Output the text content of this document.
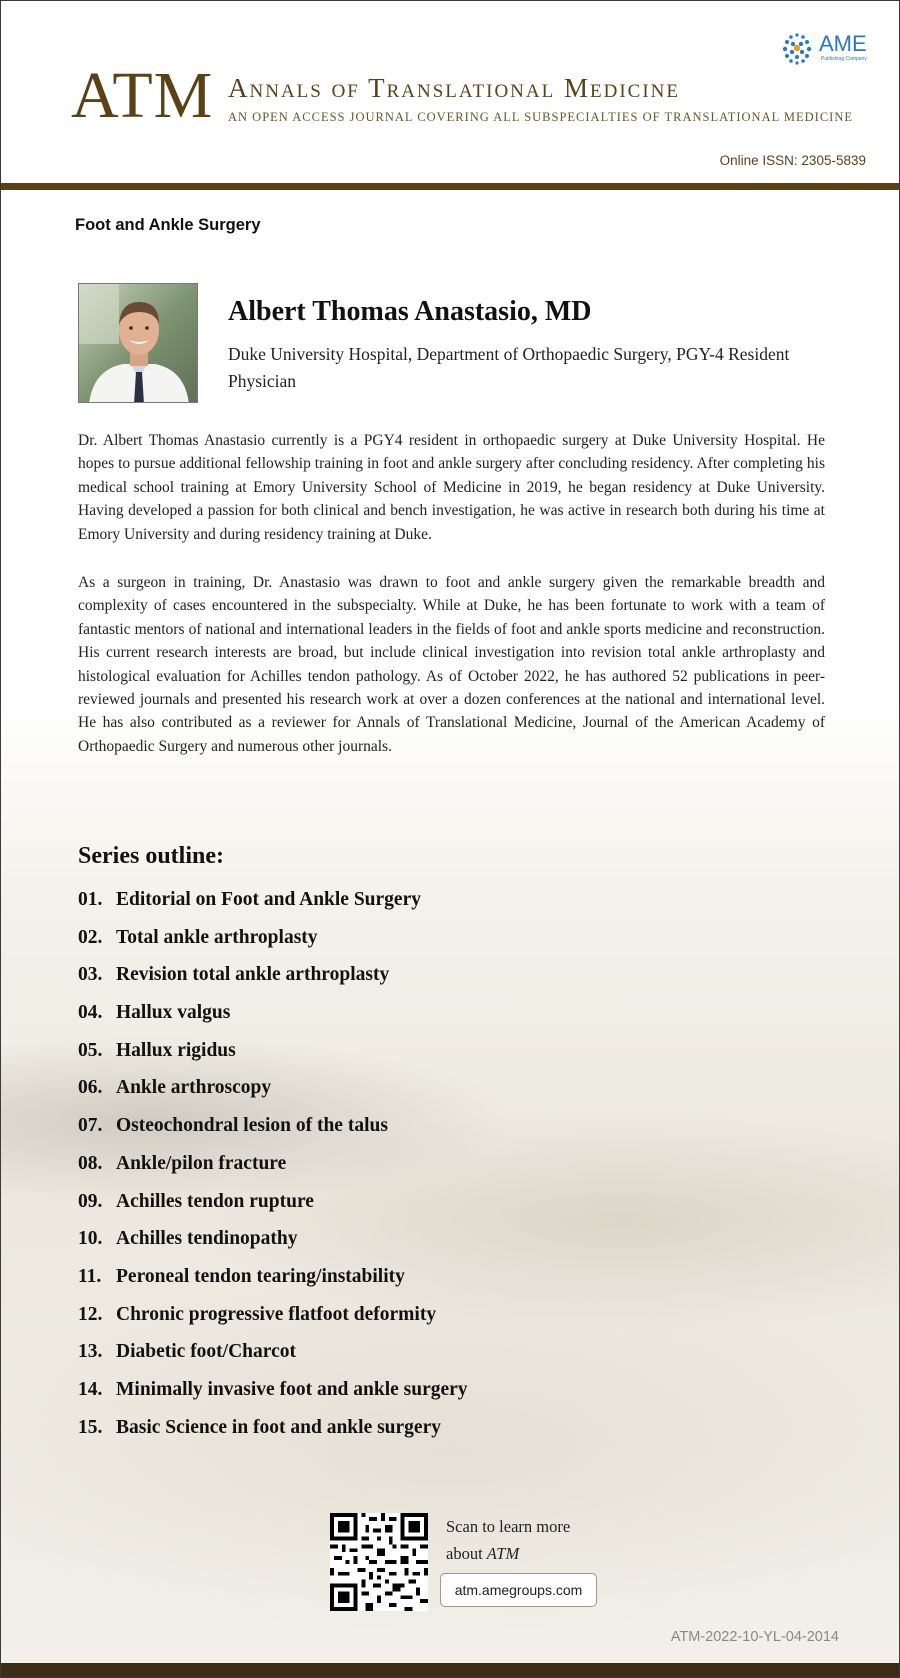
ATM Annals of Translational Medicine
AN OPEN ACCESS JOURNAL COVERING ALL SUBSPECIALTIES OF TRANSLATIONAL MEDICINE
AME
Publishing Company
Online ISSN: 2305-5839
Foot and Ankle Surgery
Albert Thomas Anastasio, MD
Duke University Hospital, Department of Orthopaedic Surgery, PGY-4 Resident Physician

Dr. Albert Thomas Anastasio currently is a PGY4 resident in orthopaedic surgery at Duke University Hospital. He hopes to pursue additional fellowship training in foot and ankle surgery after concluding residency. After completing his medical school training at Emory University School of Medicine in 2019, he began residency at Duke University. Having developed a passion for both clinical and bench investigation, he was active in research both during his time at Emory University and during residency training at Duke.

As a surgeon in training, Dr. Anastasio was drawn to foot and ankle surgery given the remarkable breadth and complexity of cases encountered in the subspecialty. While at Duke, he has been fortunate to work with a team of fantastic mentors of national and international leaders in the fields of foot and ankle sports medicine and reconstruction. His current research interests are broad, but include clinical investigation into revision total ankle arthroplasty and histological evaluation for Achilles tendon pathology. As of October 2022, he has authored 52 publications in peer-reviewed journals and presented his research work at over a dozen conferences at the national and international level. He has also contributed as a reviewer for Annals of Translational Medicine, Journal of the American Academy of Orthopaedic Surgery and numerous other journals.

Series outline:
01. Editorial on Foot and Ankle Surgery
02. Total ankle arthroplasty
03. Revision total ankle arthroplasty
04. Hallux valgus
05. Hallux rigidus
06. Ankle arthroscopy
07. Osteochondral lesion of the talus
08. Ankle/pilon fracture
09. Achilles tendon rupture
10. Achilles tendinopathy
11. Peroneal tendon tearing/instability
12. Chronic progressive flatfoot deformity
13. Diabetic foot/Charcot
14. Minimally invasive foot and ankle surgery
15. Basic Science in foot and ankle surgery
Scan to learn more
about ATM
atm.amegroups.com
ATM-2022-10-YL-04-2014
